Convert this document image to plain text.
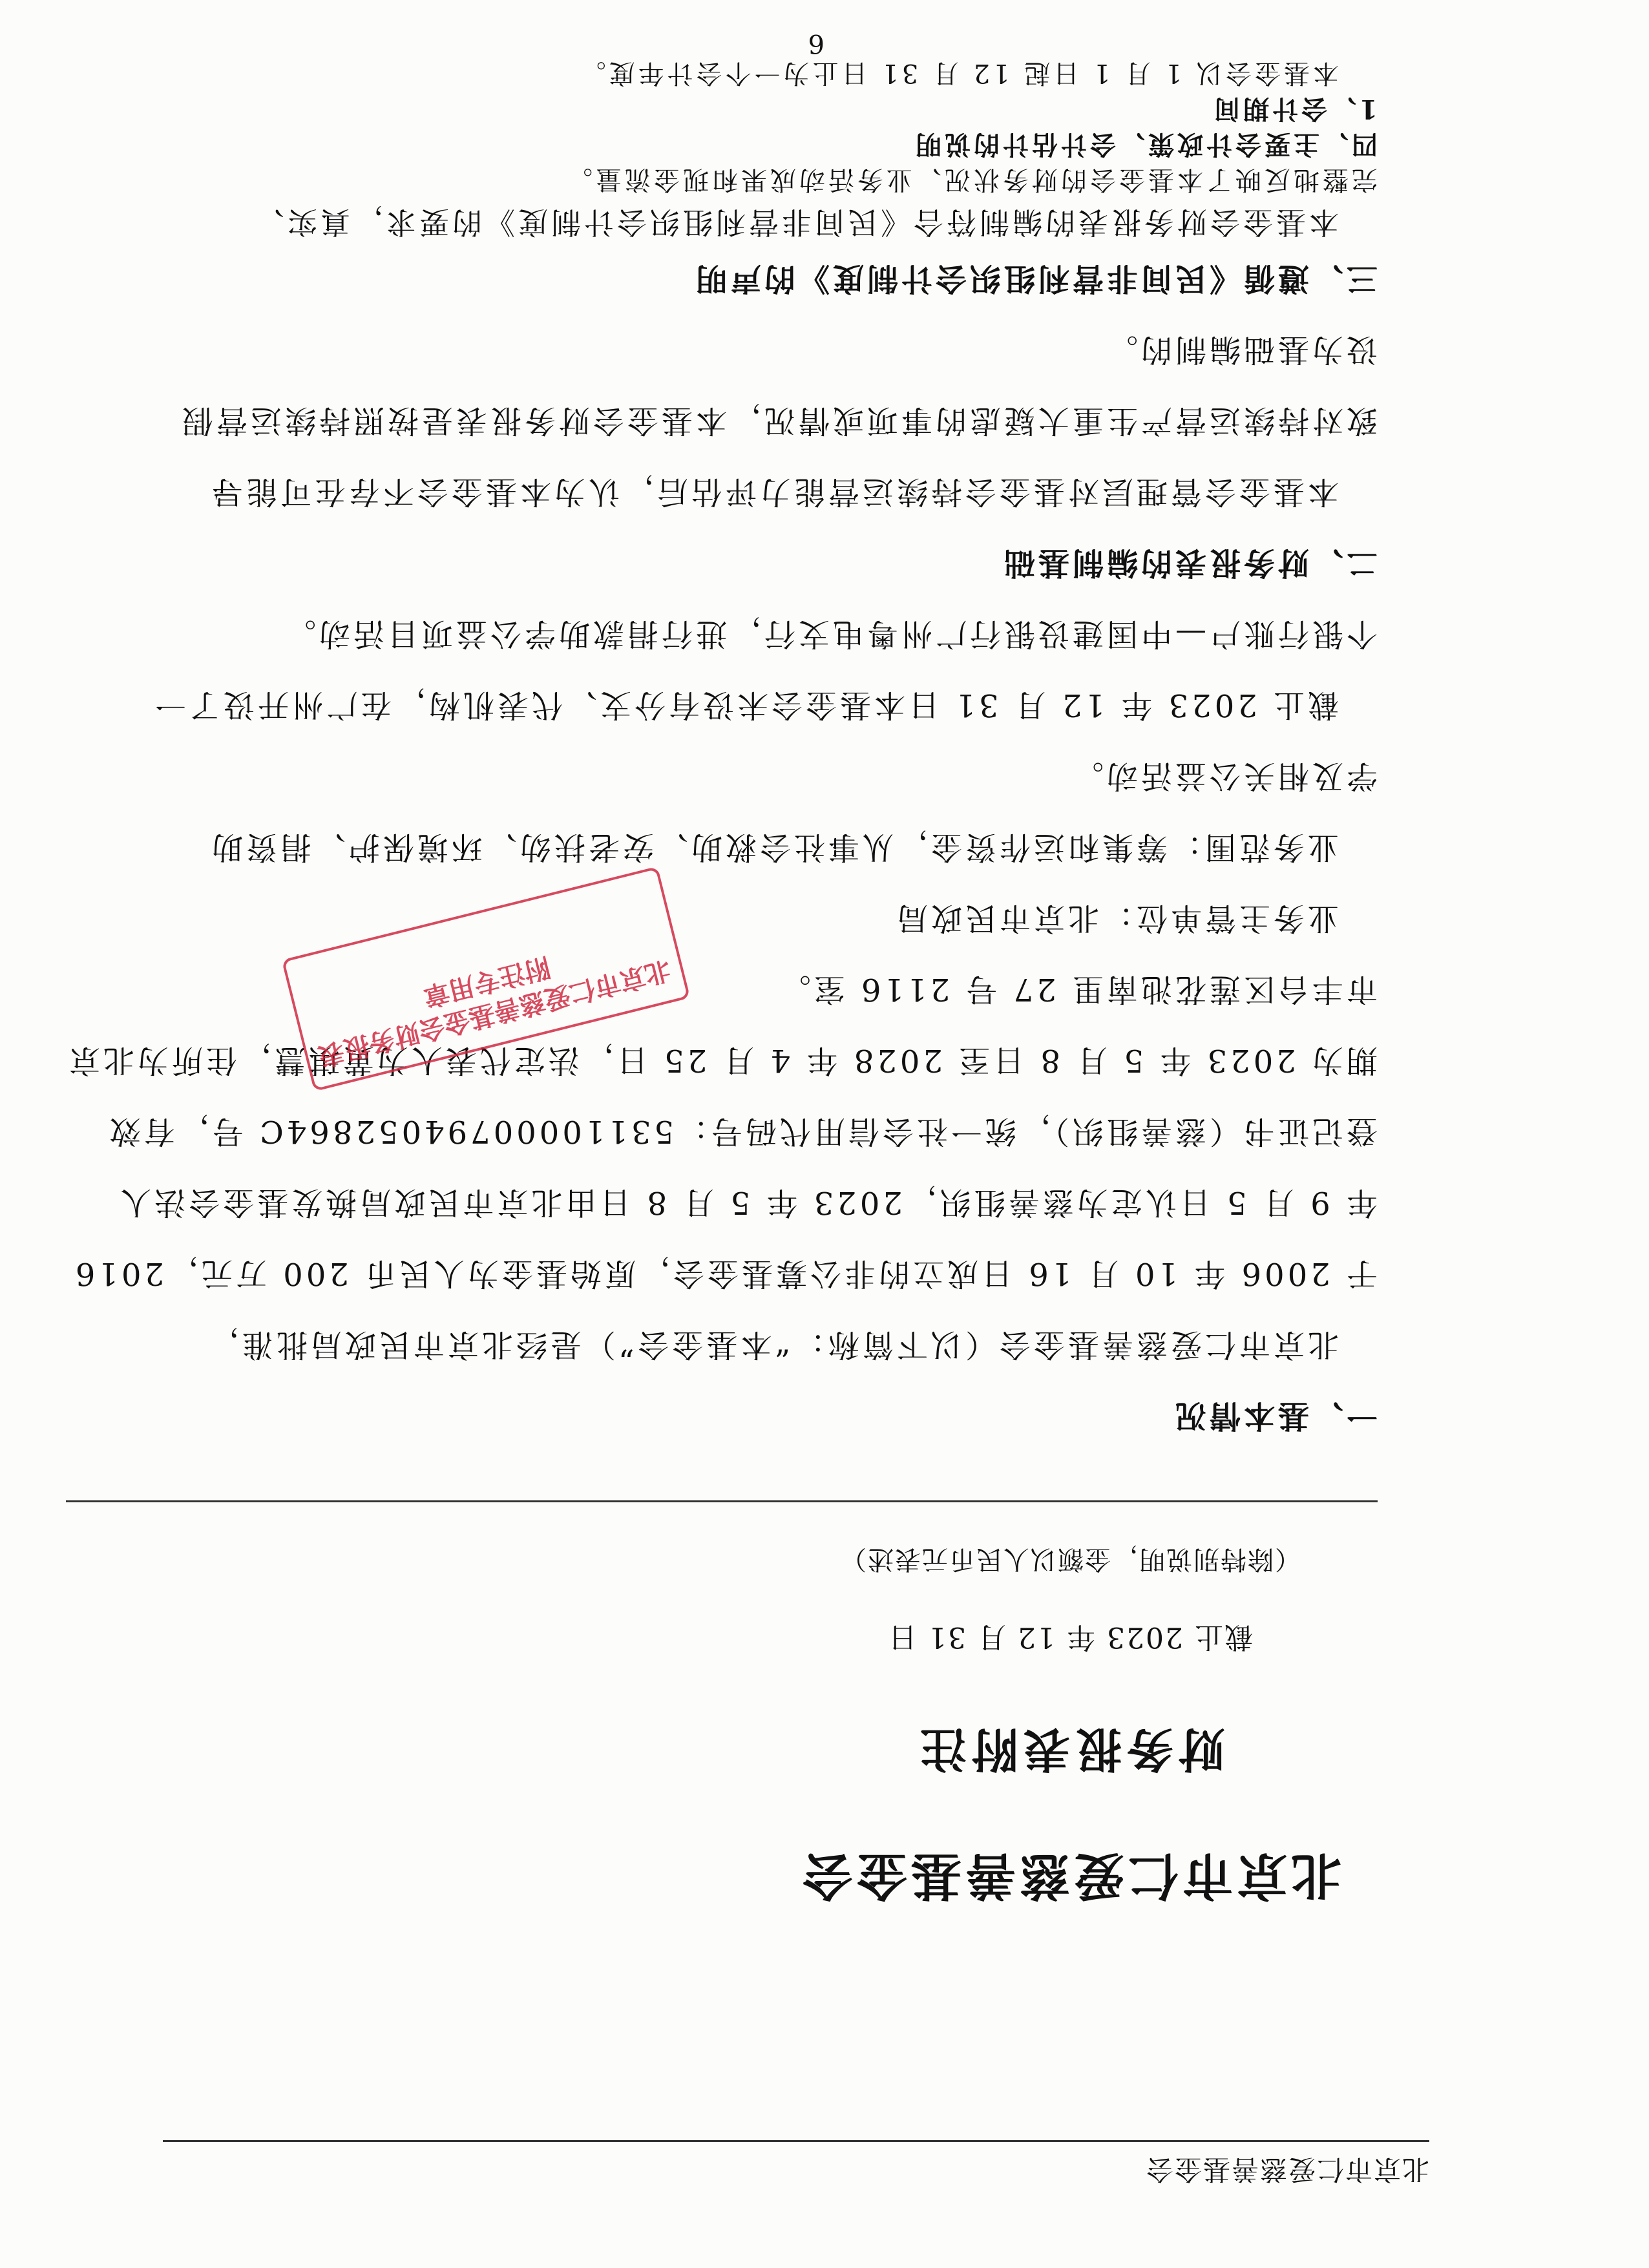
北京市仁爱慈善基金会
北京市仁爱慈善基金会
财务报表附注
截止 2023 年 12 月 31 日
（除特别说明，金额以人民币元表述）
一、基本情况
北京市仁爱慈善基金会（以下简称：“本基金会”）是经北京市民政局批准，
于 2006 年 10 月 16 日成立的非公募基金会，原始基金为人民币 200 万元，2016
年 9 月 5 日认定为慈善组织，2023 年 5 月 8 日由北京市民政局换发基金会法人
登记证书（慈善组织），统一社会信用代码号：53110000794052864C 号，有效
期为 2023 年 5 月 8 日至 2028 年 4 月 25 日，法定代表人为黄琪慧，住所为北京
市丰台区莲花池南里 27 号 2116 室。
业务主管单位：北京市民政局
业务范围：筹集和运作资金，从事社会救助、安老扶幼、环境保护、捐资助
学及相关公益活动。
截止 2023 年 12 月 31 日本基金会未设有分支、代表机构，在广州开设了一
个银行账户—中国建设银行广州粤电支行，进行捐款助学公益项目活动。
二、财务报表的编制基础
本基金会管理层对基金会持续运营能力评估后，认为本基金会不存在可能导
致对持续运营产生重大疑虑的事项或情况，本基金会财务报表是按照持续运营假
设为基础编制的。
三、遵循《民间非营利组织会计制度》的声明
本基金会财务报表的编制符合《民间非营利组织会计制度》的要求，真实、
北京市仁爱慈善基金会财务报表附注专用章
完整地反映了本基金会的财务状况、业务活动成果和现金流量。
四、主要会计政策、会计估计的说明
1、会计期间
本基金会以 1 月 1 日起 12 月 31 日止为一个会计年度。
6
